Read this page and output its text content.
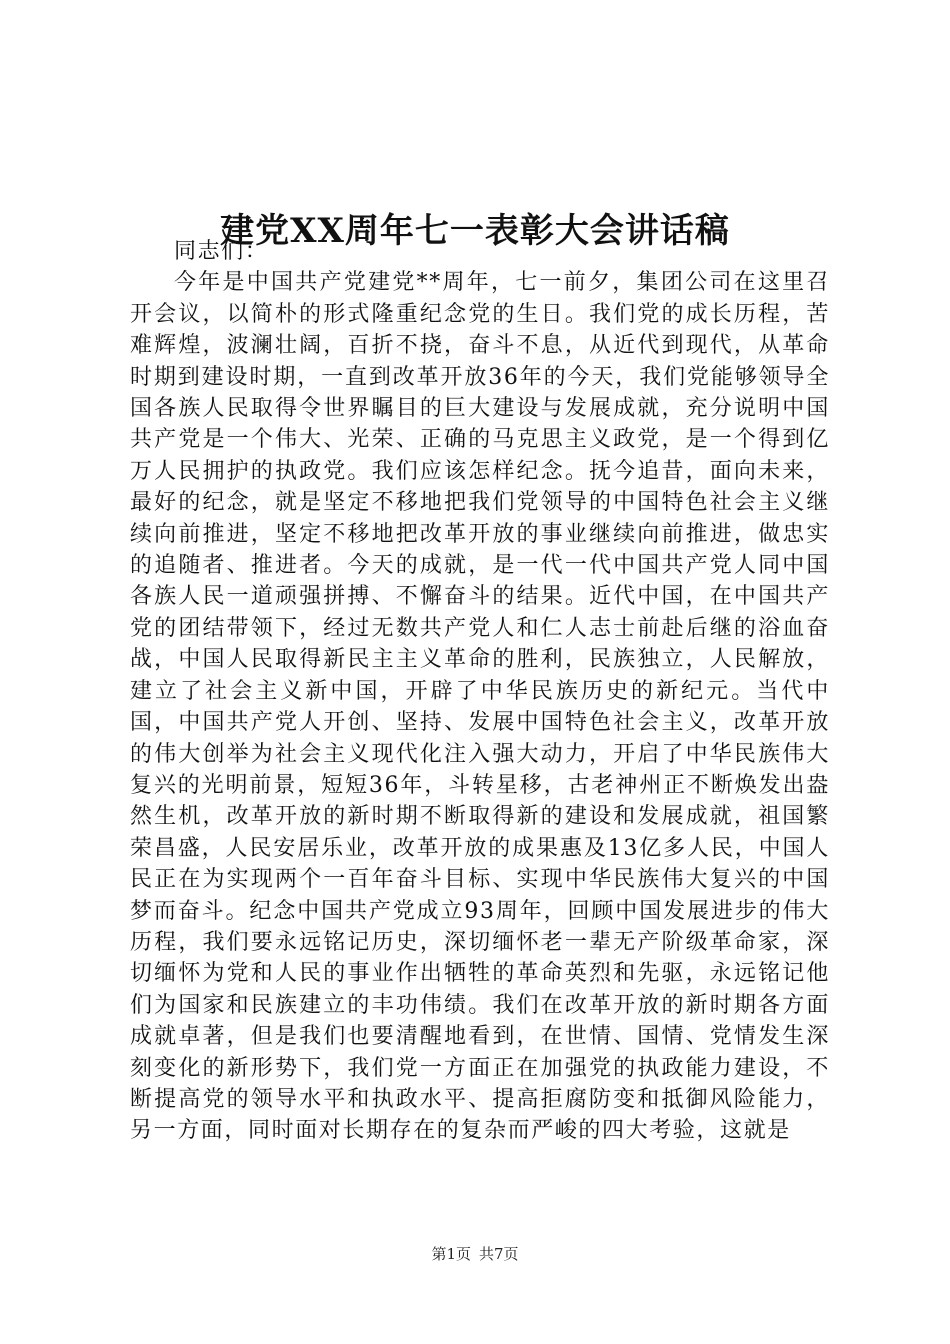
建党XX周年七一表彰大会讲话稿

同志们：

今年是中国共产党建党**周年，七一前夕，集团公司在这里召开会议，以简朴的形式隆重纪念党的生日。我们党的成长历程，苦难辉煌，波澜壮阔，百折不挠，奋斗不息，从近代到现代，从革命时期到建设时期，一直到改革开放36年的今天，我们党能够领导全国各族人民取得令世界瞩目的巨大建设与发展成就，充分说明中国共产党是一个伟大、光荣、正确的马克思主义政党，是一个得到亿万人民拥护的执政党。我们应该怎样纪念。抚今追昔，面向未来，最好的纪念，就是坚定不移地把我们党领导的中国特色社会主义继续向前推进，坚定不移地把改革开放的事业继续向前推进，做忠实的追随者、推进者。今天的成就，是一代一代中国共产党人同中国各族人民一道顽强拼搏、不懈奋斗的结果。近代中国，在中国共产党的团结带领下，经过无数共产党人和仁人志士前赴后继的浴血奋战，中国人民取得新民主主义革命的胜利，民族独立，人民解放，建立了社会主义新中国，开辟了中华民族历史的新纪元。当代中国，中国共产党人开创、坚持、发展中国特色社会主义，改革开放的伟大创举为社会主义现代化注入强大动力，开启了中华民族伟大复兴的光明前景，短短36年，斗转星移，古老神州正不断焕发出盎然生机，改革开放的新时期不断取得新的建设和发展成就，祖国繁荣昌盛，人民安居乐业，改革开放的成果惠及13亿多人民，中国人民正在为实现两个一百年奋斗目标、实现中华民族伟大复兴的中国梦而奋斗。纪念中国共产党成立93周年，回顾中国发展进步的伟大历程，我们要永远铭记历史，深切缅怀老一辈无产阶级革命家，深切缅怀为党和人民的事业作出牺牲的革命英烈和先驱，永远铭记他们为国家和民族建立的丰功伟绩。我们在改革开放的新时期各方面成就卓著，但是我们也要清醒地看到，在世情、国情、党情发生深刻变化的新形势下，我们党一方面正在加强党的执政能力建设，不断提高党的领导水平和执政水平、提高拒腐防变和抵御风险能力，另一方面，同时面对长期存在的复杂而严峻的四大考验，这就是

第1页 共7页
